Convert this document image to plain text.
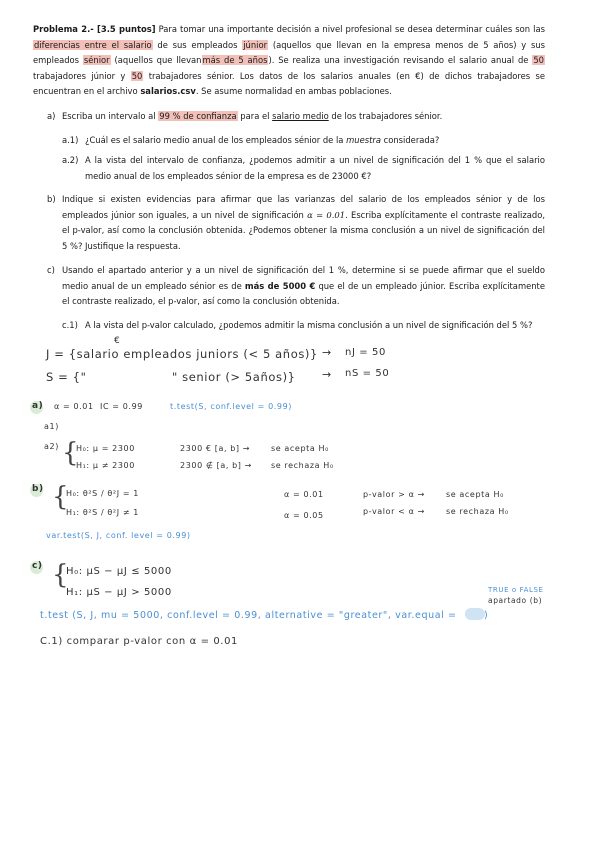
Problema 2.- [3.5 puntos] Para tomar una importante decisión a nivel profesional se desea determinar cuáles son las diferencias entre el salario de sus empleados júnior (aquellos que llevan en la empresa menos de 5 años) y sus empleados sénior (aquellos que llevanmás de 5 años). Se realiza una investigación revisando el salario anual de 50 trabajadores júnior y 50 trabajadores sénior. Los datos de los salarios anuales (en €) de dichos trabajadores se encuentran en el archivo salarios.csv. Se asume normalidad en ambas poblaciones.
a) Escriba un intervalo al 99 % de confianza para el salario medio de los trabajadores sénior.
a.1) ¿Cuál es el salario medio anual de los empleados sénior de la muestra considerada?
a.2) A la vista del intervalo de confianza, ¿podemos admitir a un nivel de significación del 1 % que el salario medio anual de los empleados sénior de la empresa es de 23000 €?
b) Indique si existen evidencias para afirmar que las varianzas del salario de los empleados sénior y de los empleados júnior son iguales, a un nivel de significación α = 0.01. Escriba explícitamente el contraste realizado, el p-valor, así como la conclusión obtenida. ¿Podemos obtener la misma conclusión a un nivel de significación del 5 %? Justifique la respuesta.
c) Usando el apartado anterior y a un nivel de significación del 1 %, determine si se puede afirmar que el sueldo medio anual de un empleado sénior es de más de 5000 € que el de un empleado júnior. Escriba explícitamente el contraste realizado, el p-valor, así como la conclusión obtenida.
c.1) A la vista del p-valor calculado, ¿podemos admitir la misma conclusión a un nivel de significación del 5 %?
€
J = {salario empleados juniors (< 5 años)} → nJ = 50
S = {"	" senior (> 5años)} → nS = 50
a) α = 0.01 IC = 0.99	t.test(S, conf.level = 0.99)
a1)
a2) {
H₀: μ = 2300
H₁: μ ≠ 2300
2300 € [a, b] →	se acepta H₀
2300 ∉ [a, b] → se rechaza H₀
b) {
H₀: θ²S / θ²J = 1
H₁: θ²S / θ²J ≠ 1
α = 0.01
α = 0.05
p-valor > α →	se acepta H₀
p-valor < α →	se rechaza H₀
var.test(S, J, conf. level = 0.99)
c) {
H₀: μS − μJ ≤ 5000
H₁: μS − μJ > 5000	TRUE o FALSE
apartado (b)
t.test (S, J, mu = 5000, conf.level = 0.99, alternative = "greater", var.equal =	)
C.1) comparar p-valor con α = 0.01
